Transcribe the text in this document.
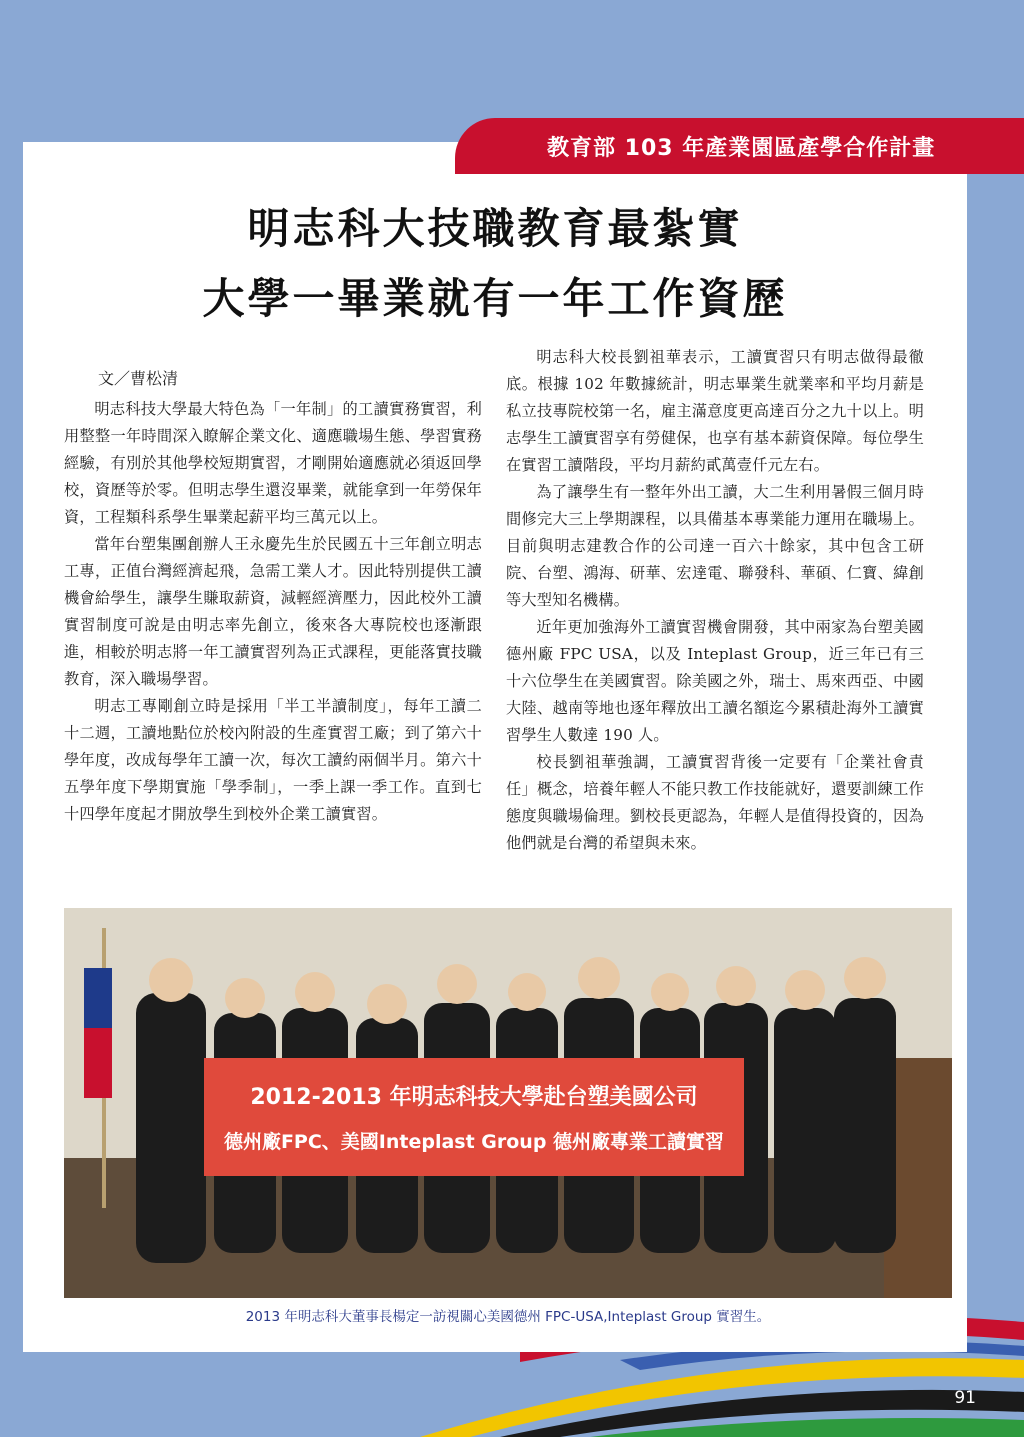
教育部 103 年產業園區產學合作計畫
明志科大技職教育最紮實
大學一畢業就有一年工作資歷
文／曹松清

明志科技大學最大特色為「一年制」的工讀實務實習，利用整整一年時間深入瞭解企業文化、適應職場生態、學習實務經驗，有別於其他學校短期實習，才剛開始適應就必須返回學校，資歷等於零。但明志學生還沒畢業，就能拿到一年勞保年資，工程類科系學生畢業起薪平均三萬元以上。

當年台塑集團創辦人王永慶先生於民國五十三年創立明志工專，正值台灣經濟起飛，急需工業人才。因此特別提供工讀機會給學生，讓學生賺取薪資，減輕經濟壓力，因此校外工讀實習制度可說是由明志率先創立，後來各大專院校也逐漸跟進，相較於明志將一年工讀實習列為正式課程，更能落實技職教育，深入職場學習。

明志工專剛創立時是採用「半工半讀制度」，每年工讀二十二週，工讀地點位於校內附設的生產實習工廠；到了第六十學年度，改成每學年工讀一次，每次工讀約兩個半月。第六十五學年度下學期實施「學季制」，一季上課一季工作。直到七十四學年度起才開放學生到校外企業工讀實習。

明志科大校長劉祖華表示，工讀實習只有明志做得最徹底。根據 102 年數據統計，明志畢業生就業率和平均月薪是私立技專院校第一名，雇主滿意度更高達百分之九十以上。明志學生工讀實習享有勞健保，也享有基本薪資保障。每位學生在實習工讀階段，平均月薪約貳萬壹仟元左右。

為了讓學生有一整年外出工讀，大二生利用暑假三個月時間修完大三上學期課程，以具備基本專業能力運用在職場上。目前與明志建教合作的公司達一百六十餘家，其中包含工研院、台塑、鴻海、研華、宏達電、聯發科、華碩、仁寶、緯創等大型知名機構。

近年更加強海外工讀實習機會開發，其中兩家為台塑美國德州廠 FPC USA，以及 Inteplast Group，近三年已有三十六位學生在美國實習。除美國之外，瑞士、馬來西亞、中國大陸、越南等地也逐年釋放出工讀名額迄今累積赴海外工讀實習學生人數達 190 人。

校長劉祖華強調，工讀實習背後一定要有「企業社會責任」概念，培養年輕人不能只教工作技能就好，還要訓練工作態度與職場倫理。劉校長更認為，年輕人是值得投資的，因為他們就是台灣的希望與未來。

2012-2013 年明志科技大學赴台塑美國公司
德州廠FPC、美國Inteplast Group 德州廠專業工讀實習
2013 年明志科大董事長楊定一訪視關心美國德州 FPC-USA,Inteplast Group 實習生。
91
